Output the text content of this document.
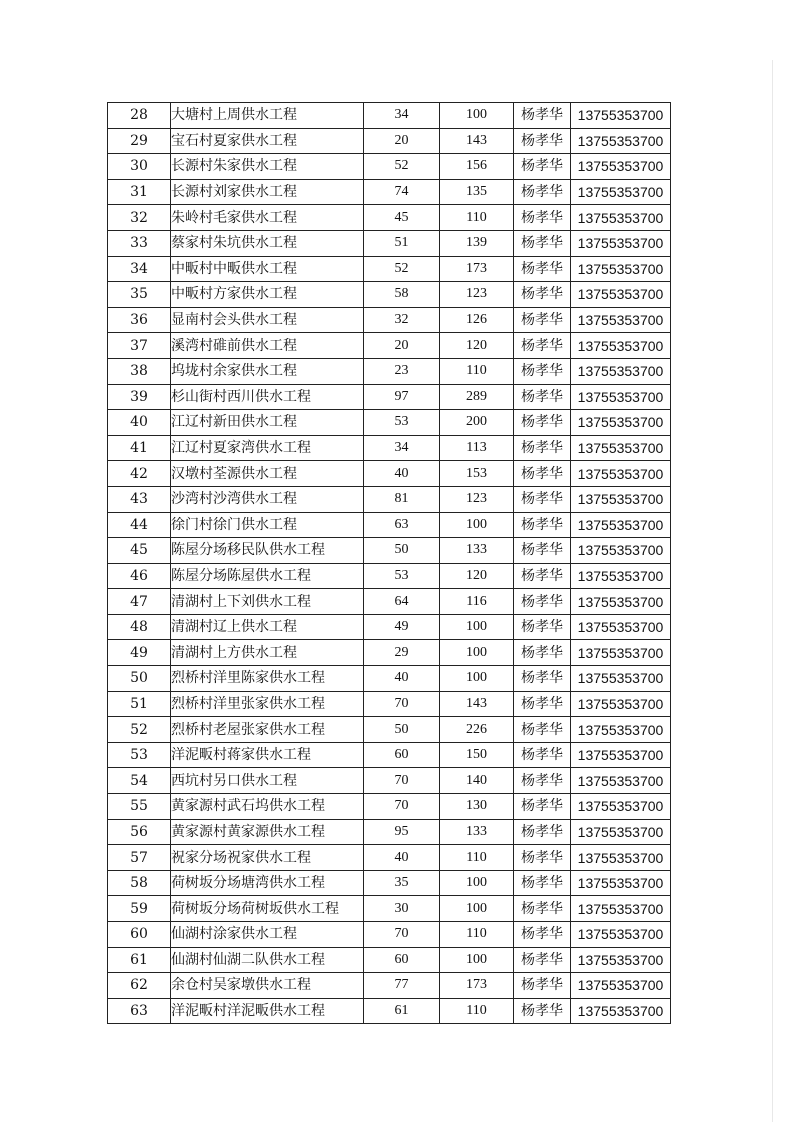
28	大塘村上周供水工程	34	100	杨孝华	13755353700
29	宝石村夏家供水工程	20	143	杨孝华	13755353700
30	长源村朱家供水工程	52	156	杨孝华	13755353700
31	长源村刘家供水工程	74	135	杨孝华	13755353700
32	朱岭村毛家供水工程	45	110	杨孝华	13755353700
33	蔡家村朱坑供水工程	51	139	杨孝华	13755353700
34	中畈村中畈供水工程	52	173	杨孝华	13755353700
35	中畈村方家供水工程	58	123	杨孝华	13755353700
36	显南村会头供水工程	32	126	杨孝华	13755353700
37	溪湾村碓前供水工程	20	120	杨孝华	13755353700
38	坞垅村余家供水工程	23	110	杨孝华	13755353700
39	杉山街村西川供水工程	97	289	杨孝华	13755353700
40	江辽村新田供水工程	53	200	杨孝华	13755353700
41	江辽村夏家湾供水工程	34	113	杨孝华	13755353700
42	汉墩村荃源供水工程	40	153	杨孝华	13755353700
43	沙湾村沙湾供水工程	81	123	杨孝华	13755353700
44	徐门村徐门供水工程	63	100	杨孝华	13755353700
45	陈屋分场移民队供水工程	50	133	杨孝华	13755353700
46	陈屋分场陈屋供水工程	53	120	杨孝华	13755353700
47	清湖村上下刘供水工程	64	116	杨孝华	13755353700
48	清湖村辽上供水工程	49	100	杨孝华	13755353700
49	清湖村上方供水工程	29	100	杨孝华	13755353700
50	烈桥村洋里陈家供水工程	40	100	杨孝华	13755353700
51	烈桥村洋里张家供水工程	70	143	杨孝华	13755353700
52	烈桥村老屋张家供水工程	50	226	杨孝华	13755353700
53	洋泥畈村蒋家供水工程	60	150	杨孝华	13755353700
54	西坑村另口供水工程	70	140	杨孝华	13755353700
55	黄家源村武石坞供水工程	70	130	杨孝华	13755353700
56	黄家源村黄家源供水工程	95	133	杨孝华	13755353700
57	祝家分场祝家供水工程	40	110	杨孝华	13755353700
58	荷树坂分场塘湾供水工程	35	100	杨孝华	13755353700
59	荷树坂分场荷树坂供水工程	30	100	杨孝华	13755353700
60	仙湖村涂家供水工程	70	110	杨孝华	13755353700
61	仙湖村仙湖二队供水工程	60	100	杨孝华	13755353700
62	余仓村吴家墩供水工程	77	173	杨孝华	13755353700
63	洋泥畈村洋泥畈供水工程	61	110	杨孝华	13755353700
